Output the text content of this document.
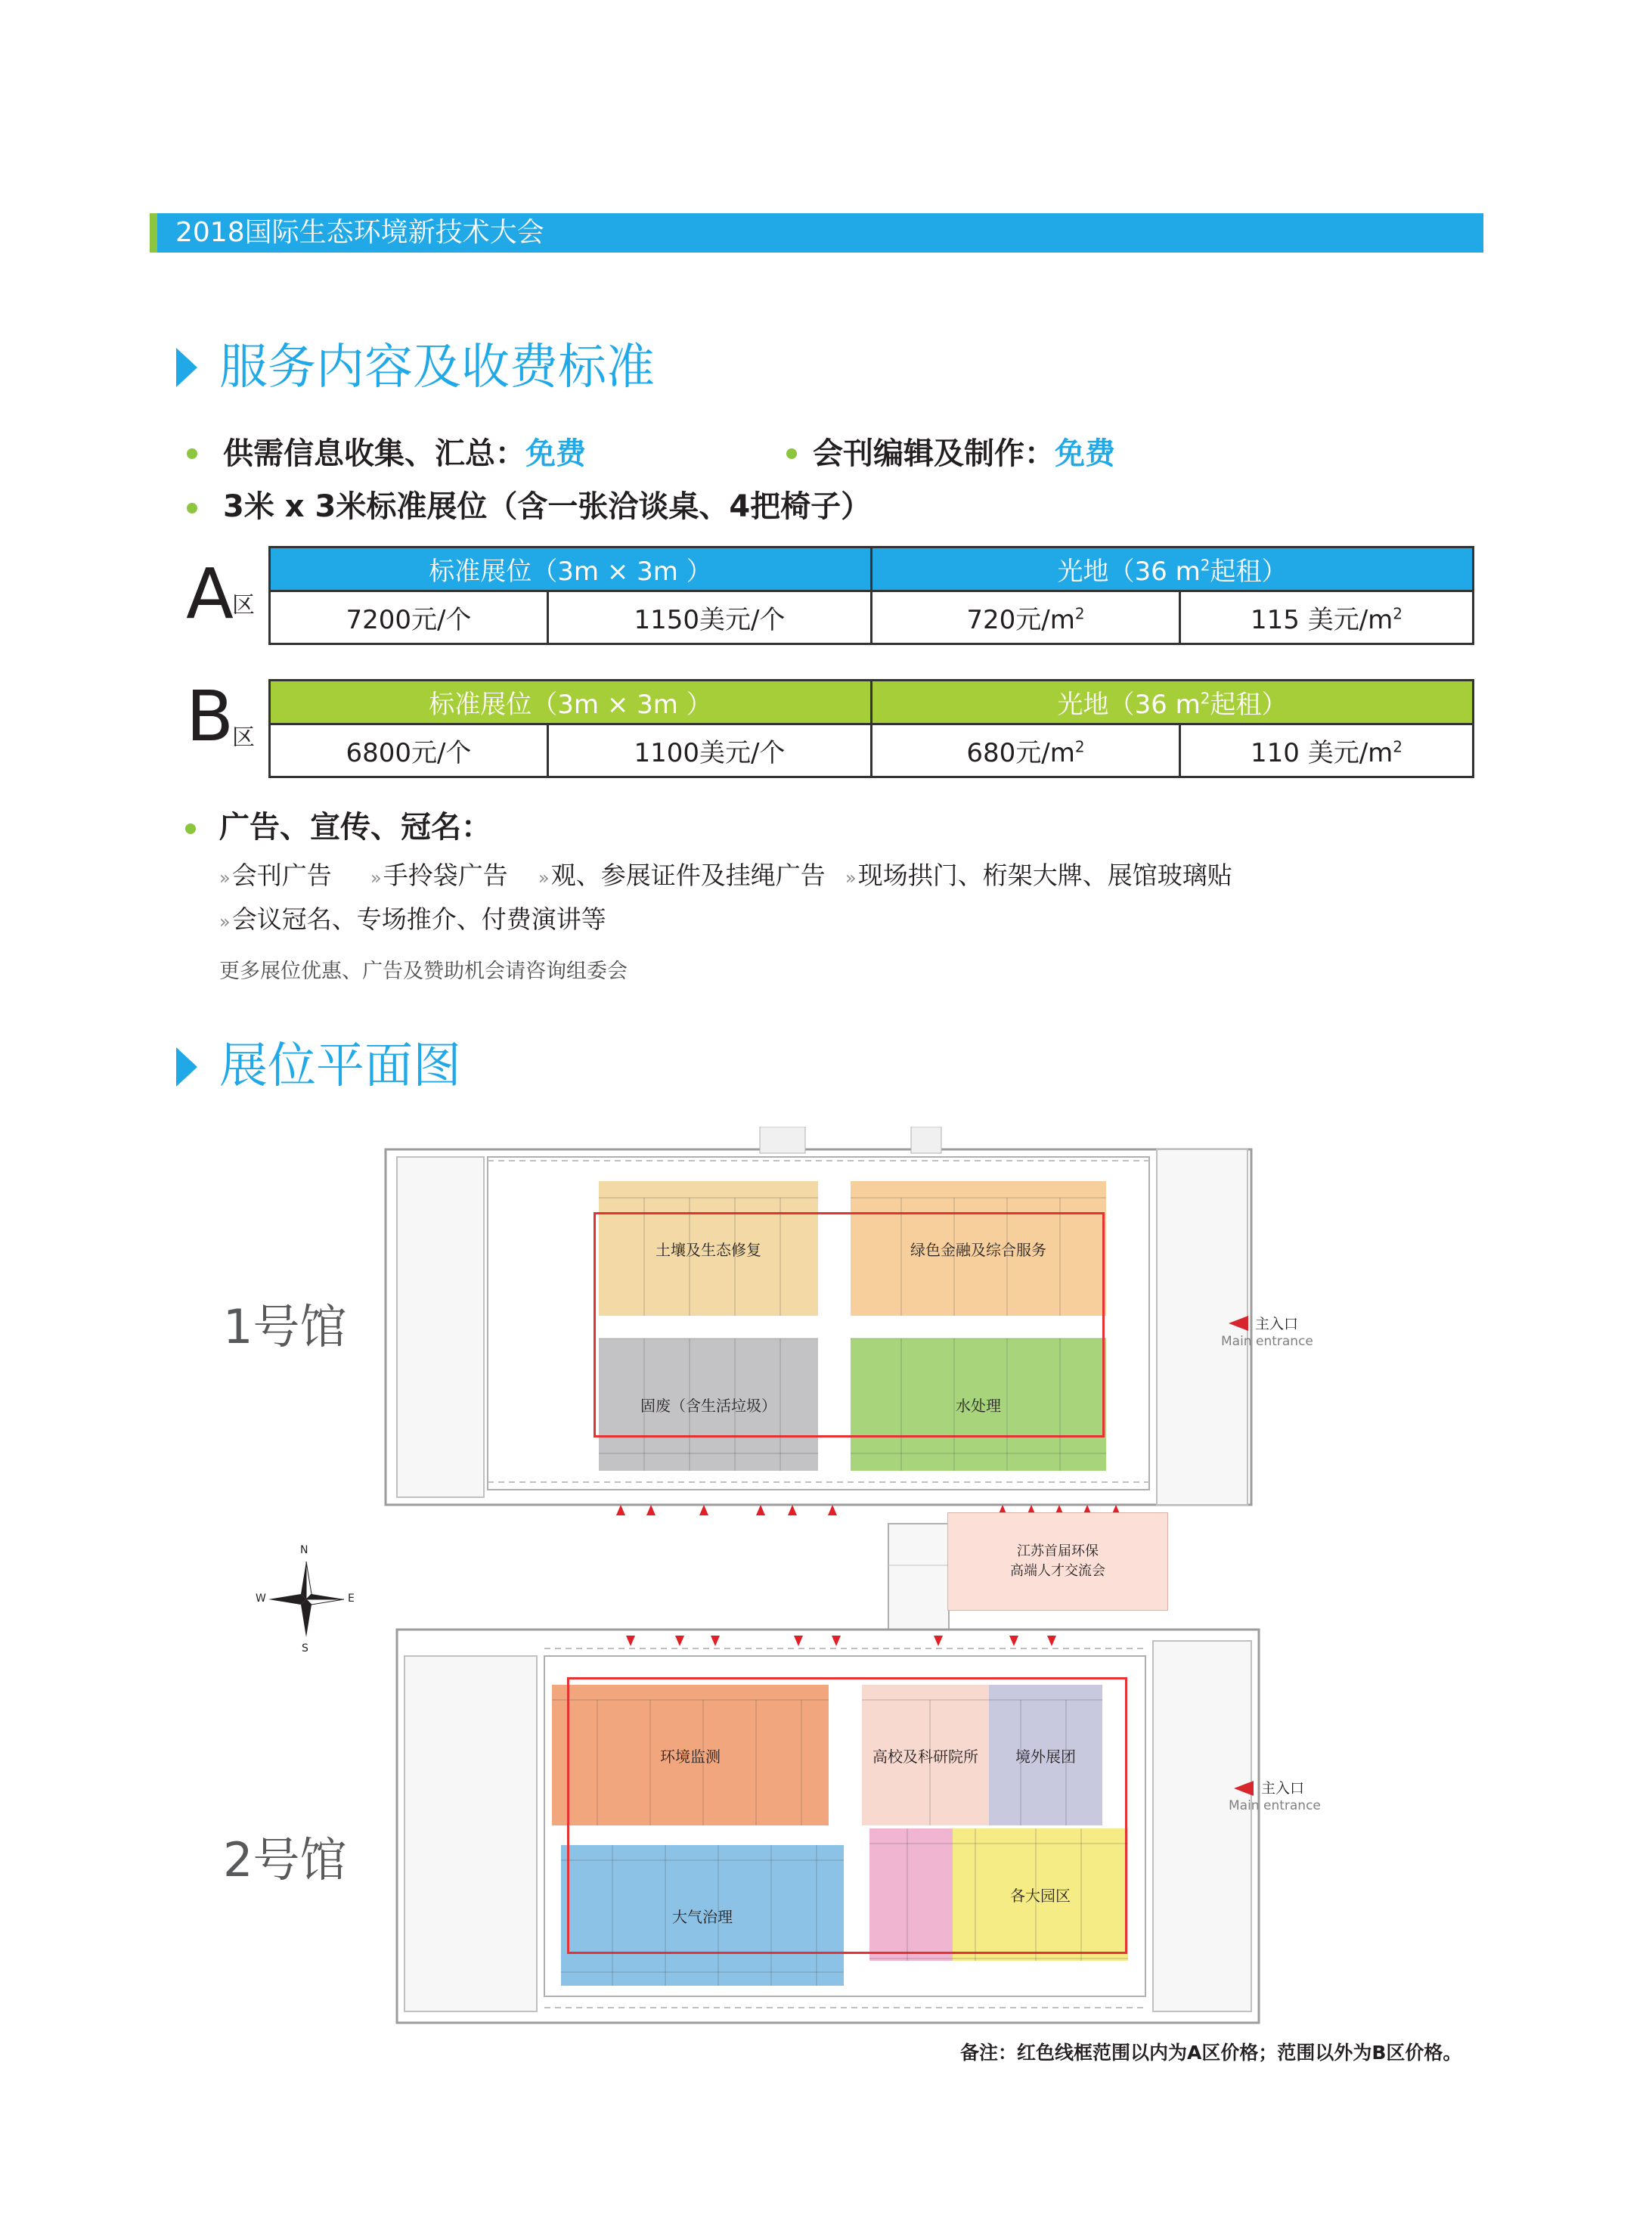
2018国际生态环境新技术大会
服务内容及收费标准
供需信息收集、汇总：免费	会刊编辑及制作：免费
3米 x 3米标准展位（含一张洽谈桌、4把椅子）
A
区
标准展位（3m × 3m ）		光地（36 $m^2$起租）	
7200元/个	1150美元/个	720元$/m^2$	115 美元$/m^2$
B
区
标准展位（3m × 3m ）		光地（36 $m^2$起租）	
6800元/个	1100美元/个	680元$/m^2$	110 美元$/m^2$
广告、宣传、冠名：
» 会刊广告 » 手拎袋广告 » 观、参展证件及挂绳广告 » 现场拱门、桁架大牌、展馆玻璃贴
» 会议冠名、专场推介、付费演讲等
更多展位优惠、广告及赞助机会请咨询组委会
展位平面图
1号馆
2号馆
N
S
W	E
土壤及生态修复	绿色金融及综合服务
固废（含生活垃圾）	水处理
主入口
Main entrance
江苏首届环保
高端人才交流会
环境监测	高校及科研院所 境外展团
大气治理
各大园区
主入口
Main entrance
备注：红色线框范围以内为A区价格；范围以外为B区价格。
